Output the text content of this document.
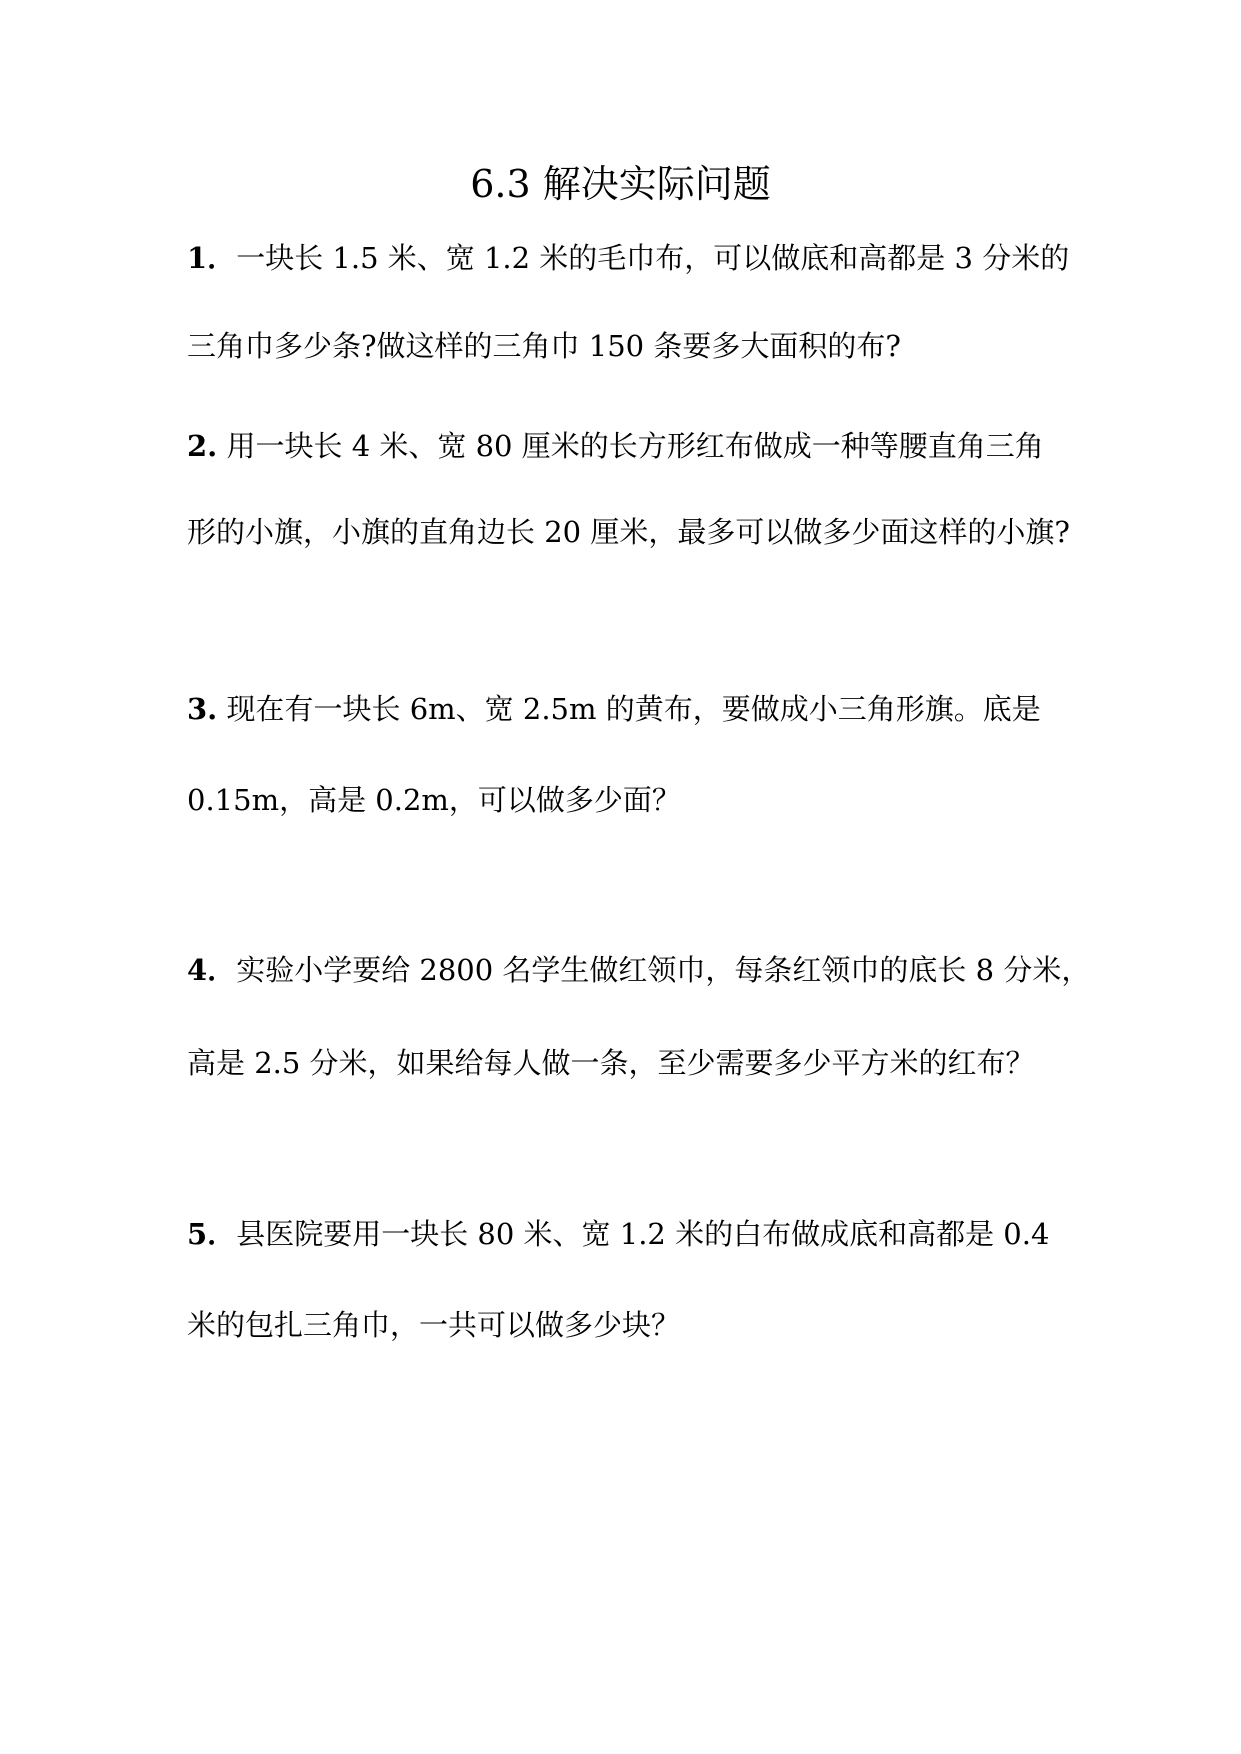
6.3 解决实际问题
1．一块长 1.5 米、宽 1.2 米的毛巾布，可以做底和高都是 3 分米的
三角巾多少条?做这样的三角巾 150 条要多大面积的布?
2. 用一块长 4 米、宽 80 厘米的长方形红布做成一种等腰直角三角
形的小旗，小旗的直角边长 20 厘米，最多可以做多少面这样的小旗?
3. 现在有一块长 6m、宽 2.5m 的黄布，要做成小三角形旗。底是
0.15m，高是 0.2m，可以做多少面？
4．实验小学要给 2800 名学生做红领巾，每条红领巾的底长 8 分米，
高是 2.5 分米，如果给每人做一条，至少需要多少平方米的红布？
5．县医院要用一块长 80 米、宽 1.2 米的白布做成底和高都是 0.4
米的包扎三角巾，一共可以做多少块？
